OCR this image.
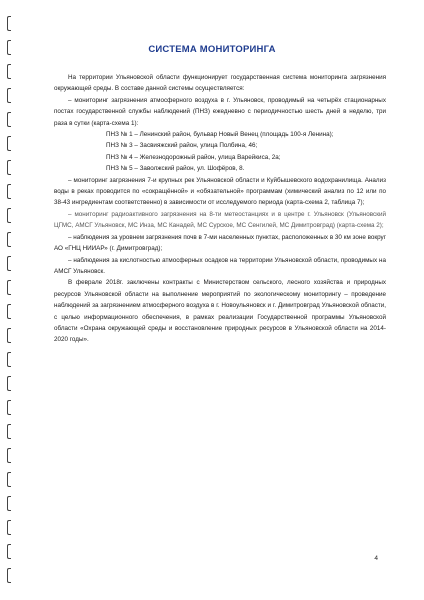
СИСТЕМА МОНИТОРИНГА

На территории Ульяновской области функционирует государственная система мониторинга загрязнения окружающей среды. В составе данной системы осуществляется:

– мониторинг загрязнения атмосферного воздуха в г. Ульяновск, проводимый на четырёх стационарных постах государственной службы наблюдений (ПНЗ) ежедневно с периодичностью шесть дней в неделю, три раза в сутки (карта-схема 1):

ПНЗ № 1 – Ленинский район, бульвар Новый Венец (площадь 100-я Ленина);

ПНЗ № 3 – Засвияжский район, улица Полбина, 46;

ПНЗ № 4 – Железнодорожный район, улица Варейкиса, 2а;

ПНЗ № 5 – Заволжский район, ул. Шофёров, 8.

– мониторинг загрязнения 7-и крупных рек Ульяновской области и Куйбышевского водохранилища. Анализ воды в реках проводится по «сокращённой» и «обязательной» программам (химический анализ по 12 или по 38-43 ингредиентам соответственно) в зависимости от исследуемого периода (карта-схема 2, таблица 7);

– мониторинг радиоактивного загрязнения на 8-ти метеостанциях и в центре г. Ульяновск (Ульяновский ЦГМС, АМСГ Ульяновск, МС Инза, МС Канадей, МС Сурское, МС Сенгилей, МС Димитровград) (карта-схема 2);

– наблюдения за уровнем загрязнения почв в 7-ми населенных пунктах, расположенных в 30 км зоне вокруг АО «ГНЦ НИИАР» (г. Димитровград);

– наблюдения за кислотностью атмосферных осадков на территории Ульяновской области, проводимых на АМСГ Ульяновск.

В феврале 2018г. заключены контракты с Министерством сельского, лесного хозяйства и природных ресурсов Ульяновской области на выполнение мероприятий по экологическому мониторингу – проведение наблюдений за загрязнением атмосферного воздуха в г. Новоульяновск и г. Димитровград Ульяновской области, с целью информационного обеспечения, в рамках реализации Государственной программы Ульяновской области «Охрана окружающей среды и восстановление природных ресурсов в Ульяновской области на 2014-2020 годы».

4
